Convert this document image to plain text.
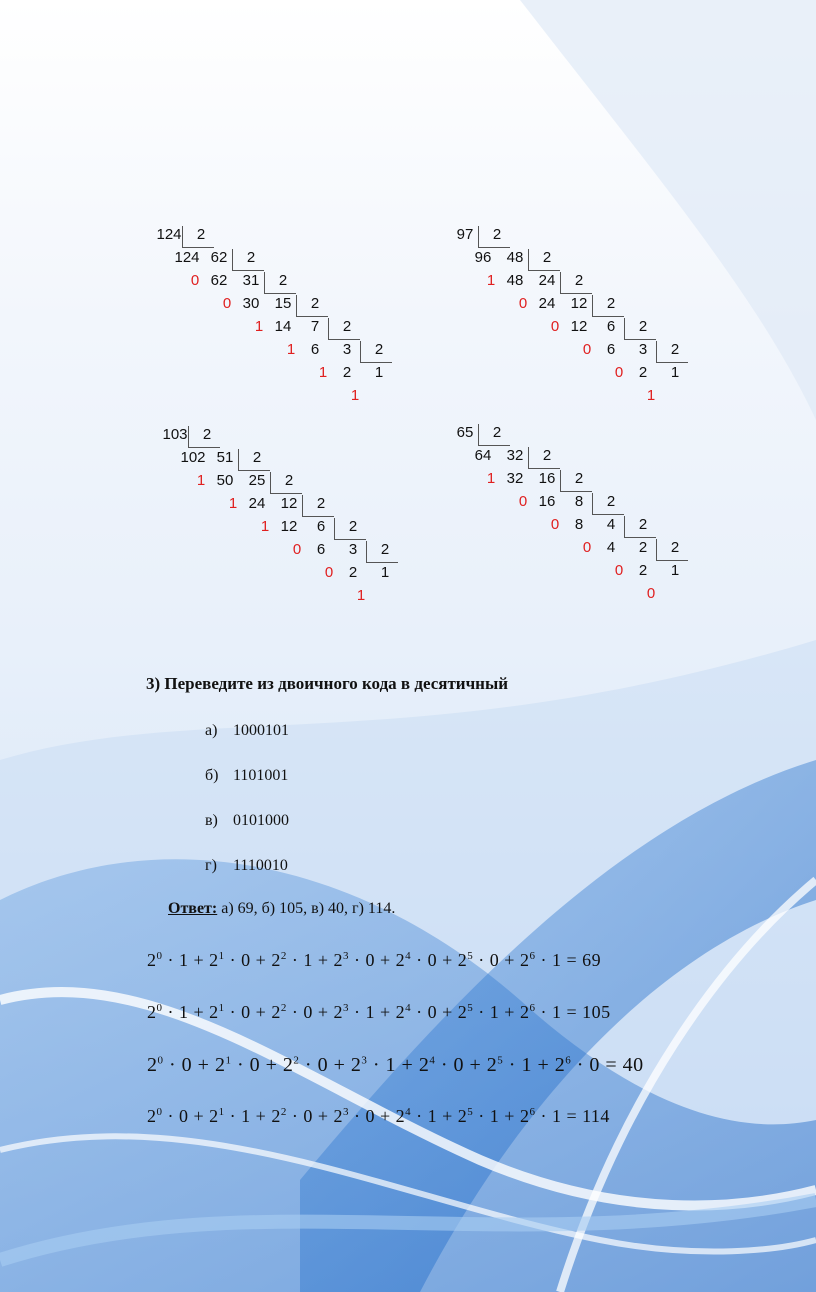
124	2
124 62	2
0 62	31	2
0 30	15	2
1 14	7	2
1	6	3	2
1	2	1
1
97	2
96	48	2
1 48	24	2
0 24	12	2
0 12	6	2
0	6	3	2
0	2	1
1
103	2
102 51	2
1 50	25	2
1 24	12	2
1 12	6	2
0	6	3	2
0	2	1
1
65	2
64	32	2
1 32	16	2
0 16	8	2
0	8	4	2
0	4	2	2
0	2	1
0
3) Переведите из двоичного кода в десятичный
а) 1000101
б) 1101001
в) 0101000
г) 1110010
Ответ: а) 69, б) 105, в) 40, г) 114.
$2^0 \cdot 1 + 2^1 \cdot 0 + 2^2 \cdot 1 + 2^3 \cdot 0 + 2^4 \cdot 0 + 2^5 \cdot 0 + 2^6 \cdot 1 = 69$
$2^0 \cdot 1 + 2^1 \cdot 0 + 2^2 \cdot 0 + 2^3 \cdot 1 + 2^4 \cdot 0 + 2^5 \cdot 1 + 2^6 \cdot 1 = 105$
$2^0 \cdot 0 + 2^1 \cdot 0 + 2^2 \cdot 0 + 2^3 \cdot 1 + 2^4 \cdot 0 + 2^5 \cdot 1 + 2^6 \cdot 0 = 40$
$2^0 \cdot 0 + 2^1 \cdot 1 + 2^2 \cdot 0 + 2^3 \cdot 0 + 2^4 \cdot 1 + 2^5 \cdot 1 + 2^6 \cdot 1 = 114$
